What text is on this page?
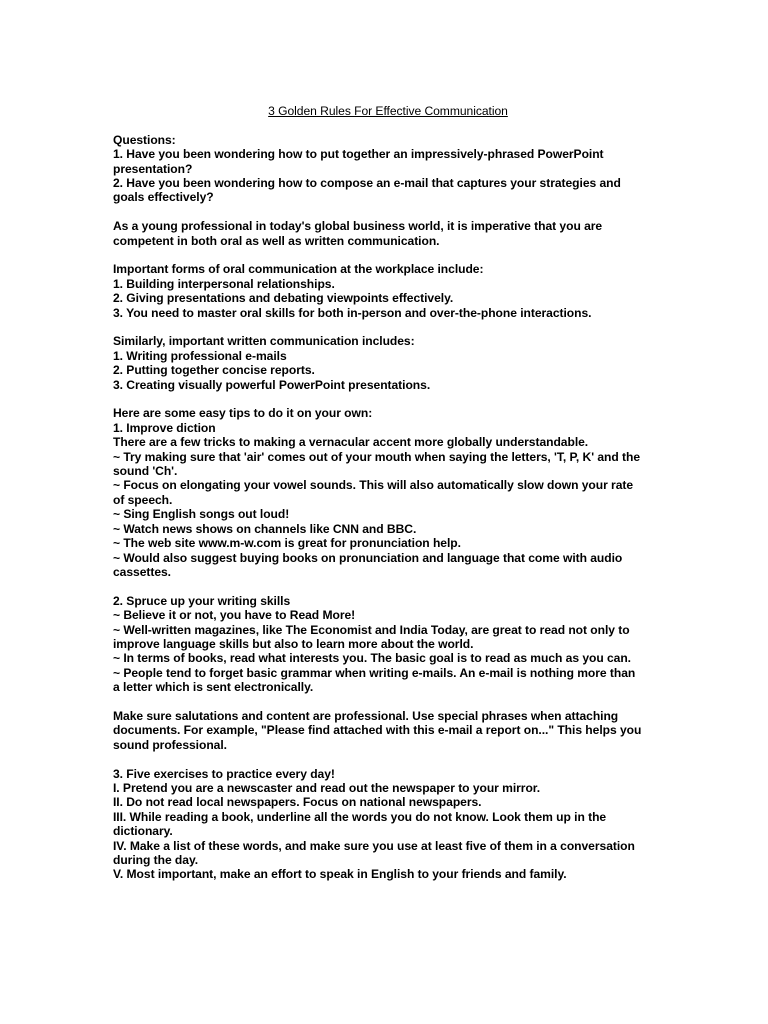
3 Golden Rules For Effective Communication
Questions:
1. Have you been wondering how to put together an impressively-phrased PowerPoint
presentation?
2. Have you been wondering how to compose an e-mail that captures your strategies and
goals effectively?
As a young professional in today's global business world, it is imperative that you are
competent in both oral as well as written communication.
Important forms of oral communication at the workplace include:
1. Building interpersonal relationships.
2. Giving presentations and debating viewpoints effectively.
3. You need to master oral skills for both in-person and over-the-phone interactions.
Similarly, important written communication includes:
1. Writing professional e-mails
2. Putting together concise reports.
3. Creating visually powerful PowerPoint presentations.
Here are some easy tips to do it on your own:
1. Improve diction
There are a few tricks to making a vernacular accent more globally understandable.
~ Try making sure that 'air' comes out of your mouth when saying the letters, 'T, P, K' and the
sound 'Ch'.
~ Focus on elongating your vowel sounds. This will also automatically slow down your rate
of speech.
~ Sing English songs out loud!
~ Watch news shows on channels like CNN and BBC.
~ The web site www.m-w.com is great for pronunciation help.
~ Would also suggest buying books on pronunciation and language that come with audio
cassettes.
2. Spruce up your writing skills
~ Believe it or not, you have to Read More!
~ Well-written magazines, like The Economist and India Today, are great to read not only to
improve language skills but also to learn more about the world.
~ In terms of books, read what interests you. The basic goal is to read as much as you can.
~ People tend to forget basic grammar when writing e-mails. An e-mail is nothing more than
a letter which is sent electronically.
Make sure salutations and content are professional. Use special phrases when attaching
documents. For example, "Please find attached with this e-mail a report on..." This helps you
sound professional.
3. Five exercises to practice every day!
I. Pretend you are a newscaster and read out the newspaper to your mirror.
II. Do not read local newspapers. Focus on national newspapers.
III. While reading a book, underline all the words you do not know. Look them up in the
dictionary.
IV. Make a list of these words, and make sure you use at least five of them in a conversation
during the day.
V. Most important, make an effort to speak in English to your friends and family.
